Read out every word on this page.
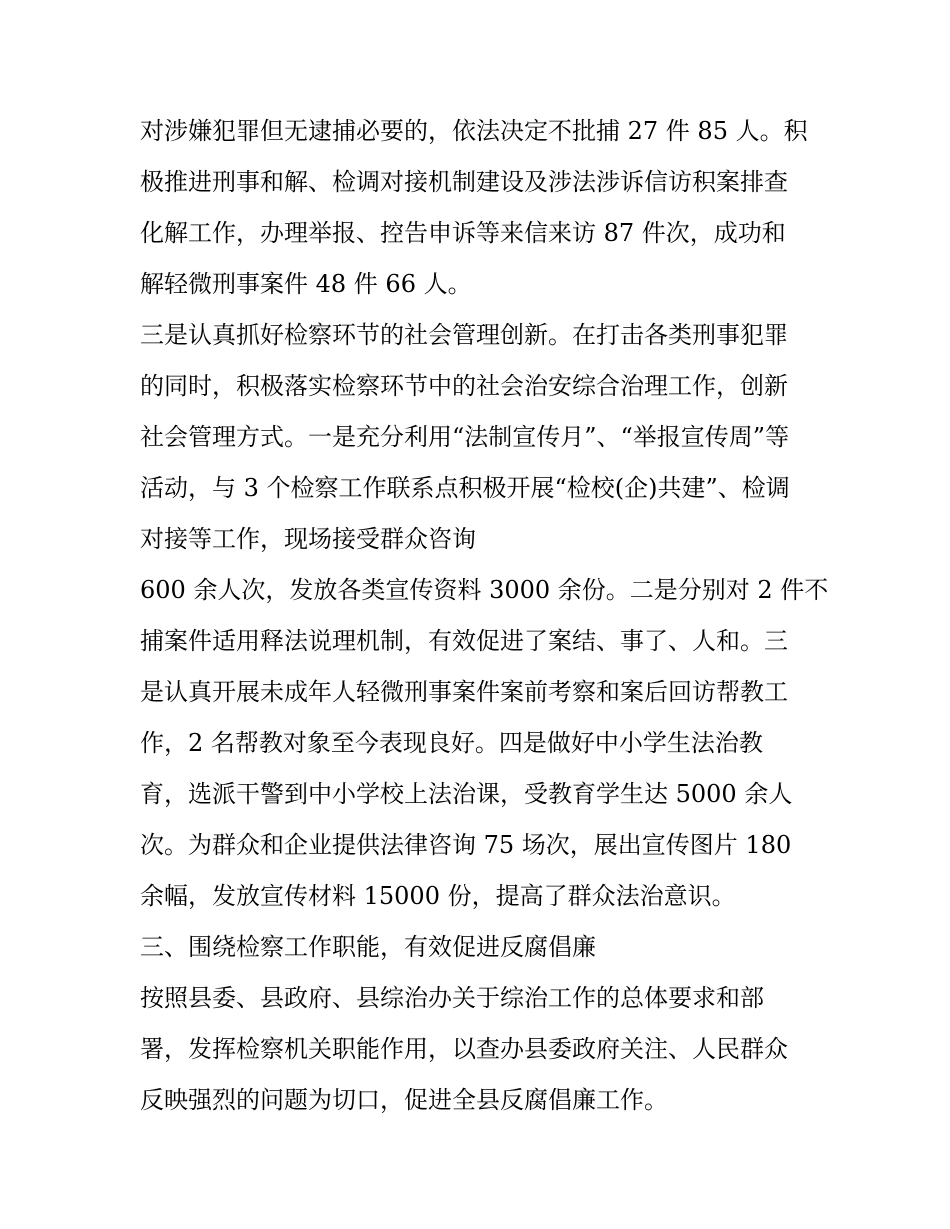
对涉嫌犯罪但无逮捕必要的，依法决定不批捕 27 件 85 人。积

极推进刑事和解、检调对接机制建设及涉法涉诉信访积案排查

化解工作，办理举报、控告申诉等来信来访 87 件次，成功和

解轻微刑事案件 48 件 66 人。

三是认真抓好检察环节的社会管理创新。在打击各类刑事犯罪

的同时，积极落实检察环节中的社会治安综合治理工作，创新

社会管理方式。一是充分利用“法制宣传月”、“举报宣传周”等

活动，与 3 个检察工作联系点积极开展“检校(企)共建”、检调

对接等工作，现场接受群众咨询

600 余人次，发放各类宣传资料 3000 余份。二是分别对 2 件不

捕案件适用释法说理机制，有效促进了案结、事了、人和。三

是认真开展未成年人轻微刑事案件案前考察和案后回访帮教工

作，2 名帮教对象至今表现良好。四是做好中小学生法治教

育，选派干警到中小学校上法治课，受教育学生达 5000 余人

次。为群众和企业提供法律咨询 75 场次，展出宣传图片 180

余幅，发放宣传材料 15000 份，提高了群众法治意识。

三、围绕检察工作职能，有效促进反腐倡廉

按照县委、县政府、县综治办关于综治工作的总体要求和部

署，发挥检察机关职能作用，以查办县委政府关注、人民群众

反映强烈的问题为切口，促进全县反腐倡廉工作。
